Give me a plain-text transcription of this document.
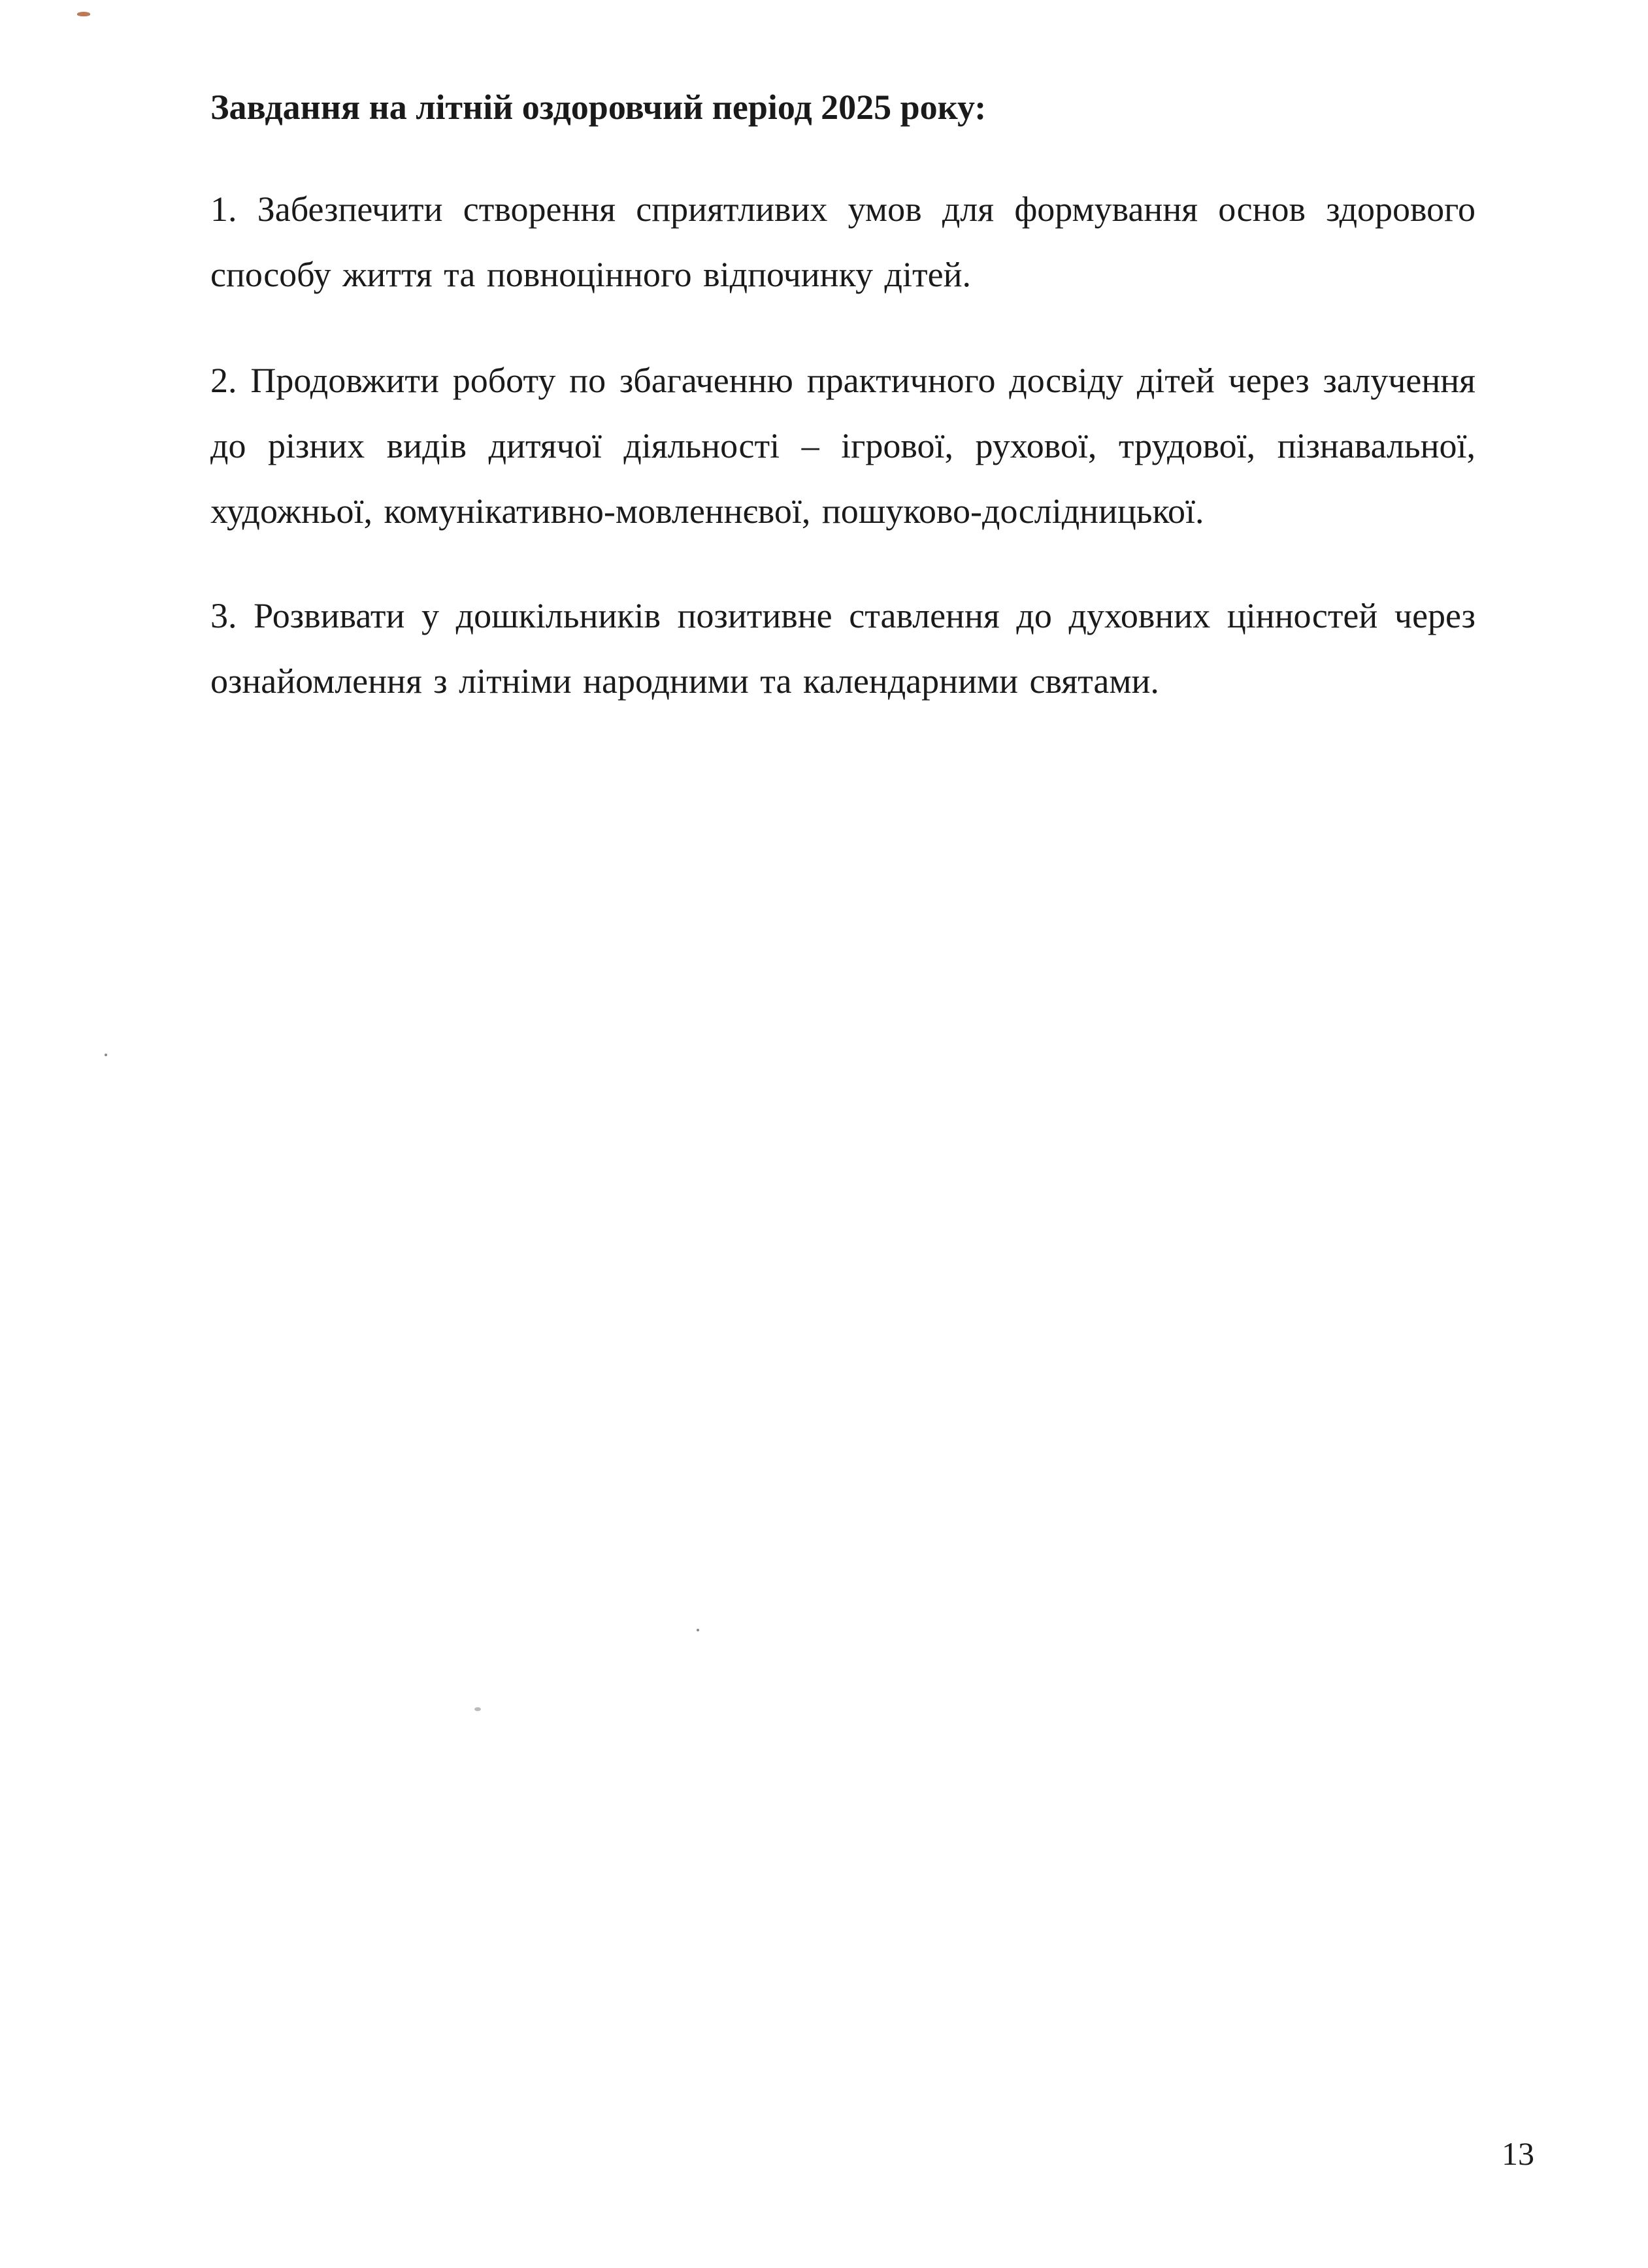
Завдання на літній оздоровчий період 2025 року:

1. Забезпечити створення сприятливих умов для формування основ здорового способу життя та повноцінного відпочинку дітей.

2. Продовжити роботу по збагаченню практичного досвіду дітей через залучення до різних видів дитячої діяльності – ігрової, рухової, трудової, пізнавальної, художньої, комунікативно-мовленнєвої, пошуково-дослідницької.

3. Розвивати у дошкільників позитивне ставлення до духовних цінностей через ознайомлення з літніми народними та календарними святами.

13
